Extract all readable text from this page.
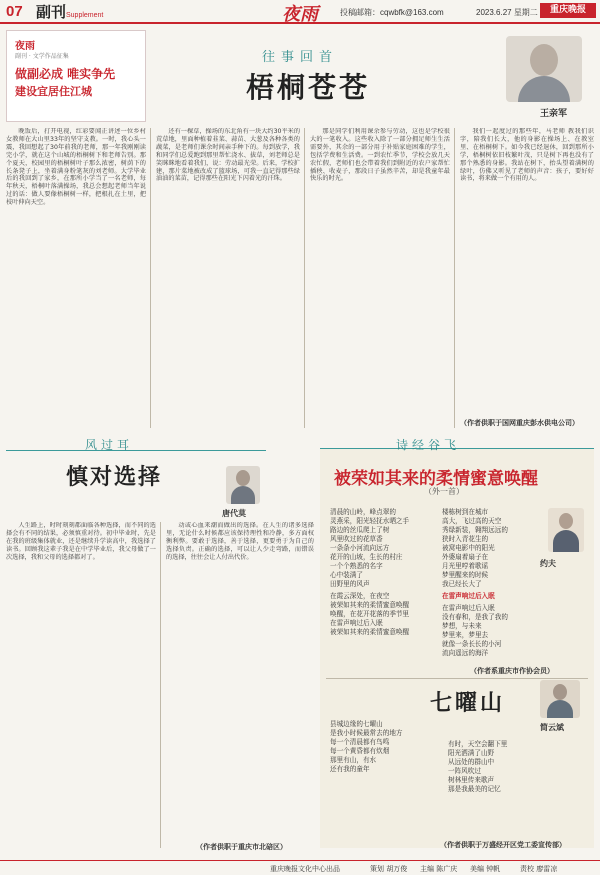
07 副刊 Supplement	夜雨	投稿邮箱：cqwbfk@163.com	2023.6.27 星期二	重庆晚报
夜雨
副刊 · 文学作品征集
做副必成 唯实争先
建设宜居住江城
往事回首
梧桐苍苍
王亲军

晚饭后，打开电视，红彩要闻正讲述一位乡村女教师在大山里33年的坚守支教。一时，我心头一震，我回想起了30年前我的老师，那一年我刚刚读完小学，就在这个山城的梧桐树下和老师告别。那个夏天，校园里的梧桐树叶子那么浓密，树荫下的长条凳子上，坐着满身粉笔灰的刘老师。大学毕业后的我回到了家乡，在那所小学当了一名老师，每年秋天，梧桐叶落满操场，我总会想起老师当年说过的话：做人要像梧桐树一样，把根扎在土里，把枝叶伸向天空。

还有一棵草，操场的东北角有一块大约30平米的荒草地，里面种植着韭菜、蒜苗、大葱及各种各类的蔬菜，是老师们课余时间亲手种下的。每到放学，我和同学们总爱跑到那里帮忙浇水、拔草，刘老师总是笑眯眯地看着我们，说：劳动最光荣。后来，学校扩建，那片菜地被改成了篮球场，可我一直记得那些绿油油的菜苗，记得那些在阳光下闪着光的汗珠。

那是同学们利用课余参与劳动，这也是学校很大的一笔收入。这些收入除了一部分拥足师生生活需要外，其余的一部分用于补贴家庭困难的学生，包括学费和生活费。一到农忙季节，学校会放几天农忙假，老师们也会带着我们到附近的农户家帮忙插秧、收麦子，那段日子虽然辛苦，却是我童年最快乐的时光。

我们一起度过的那些年，马老师 教我们识字，陪我们长大，他的身影在操场上、在教室里、在梧桐树下。如今我已经退休，回到那所小学，梧桐树依旧枝繁叶茂，只是树下再也没有了那个熟悉的身影。我站在树下，抬头望着满树的绿叶，仿佛又听见了老师的声音：孩子，要好好读书，将来做一个有用的人。

（作者供职于国网重庆彭水供电公司）
风过耳
慎对选择
唐代莫

人生路上，时时刻刻都面临各种选择，而不同的选择会有不同的结果，必须慎重对待。初中毕业时，先是在我的班级集体就业，还是继续升学读高中，我选择了读书。回顾我这辈子我是在中学毕业后，我父母做了一次选择，我和父母的选择都对了。

动或心血来潮而做出的选择。在人生的诸多选择里，无论什么时候都应该保持理性和冷静，多方面权衡利弊。要敢于选择，善于选择，更要勇于为自己的选择负责。正确的选择，可以让人少走弯路，而错误的选择，往往会让人付出代价。

（作者供职于重庆市北碚区）
诗经谷飞
被荣如其来的柔情蜜意唤醒
（外一首）
约夫
清晨的山岭，峰点翠的
灵燕采，阳光轻抚水晒之手
路边的丝瓜爬上了树
风里吹过的花草香
一条条小河流向远方
花开的山坡，生长的村庄
一个个熟悉的名字
心中装满了
田野里的风声
楼栋树到在城市
高大，飞过高的天空
秀绿新装，翱翔远远的
狭时入青花生的
被窝电影中的阳光
外婆扇着扇子在
月光里哼着歌谣
梦里醒来的时候
我已经长大了
在霞云深处，在夜空
被荣如其来的柔情蜜意唤醒
唤醒，在花开花落的季节里
在雷声响过后入眠
被荣如其来的柔情蜜意唤醒
在雷声响过后入眠
在雷声响过后入眠
没有春和，是我了我的
梦想，与未来
梦里来，梦里去
就像一条长长的小河
流向遥远的海洋
（作者系重庆市作协会员）
七曜山
简云斌
县城边缘的七曜山
是我小时候最常去的地方
每一个清晨都有鸟鸣
每一个黄昏都有炊烟
那里有山，有水
还有我的童年
有时，天空会翻下里
阳光洒满了山野
从远处的群山中
一阵风吹过
树林里传来歌声
那是我最美的记忆
（作者供职于万盛经开区党工委宣传部）
重庆晚报文化中心出品	策划 胡万俊 主编 陈广庆 美编 钟帆	责校 廖雷凉
